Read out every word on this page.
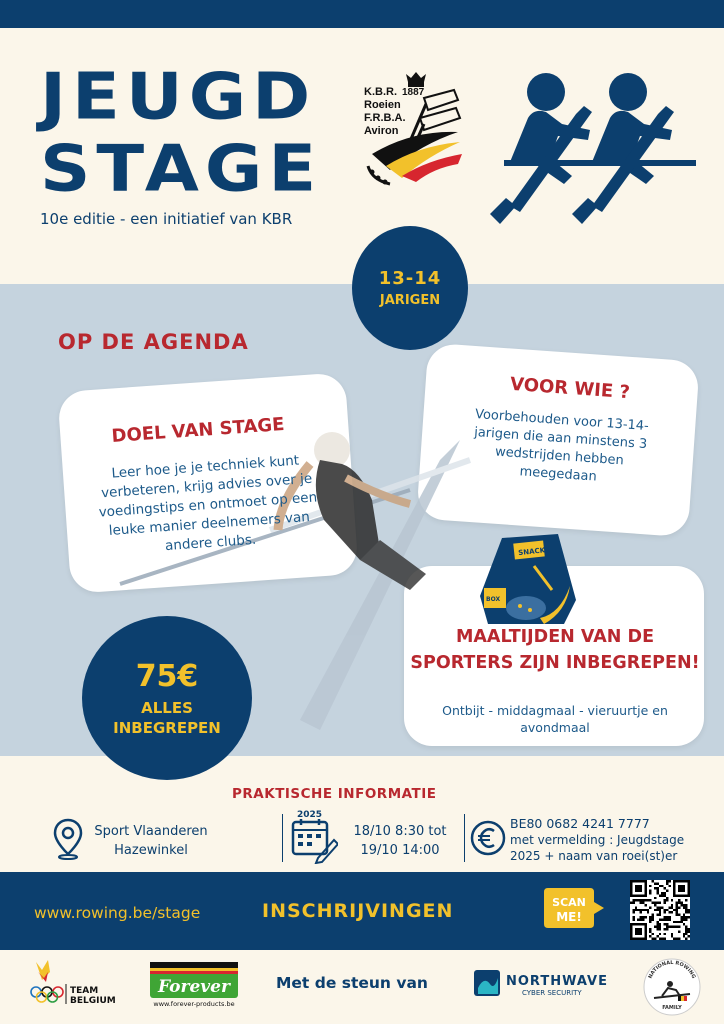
JEUGD
STAGE
10e editie - een initiatief van KBR
K.B.R.
Roeien
F.R.B.A.
Aviron
1887
13-14
JARIGEN
OP DE AGENDA
DOEL VAN STAGE
Leer hoe je je techniek kunt verbeteren, krijg advies over je voedingstips en ontmoet op een leuke manier deelnemers van andere clubs.
VOOR WIE ?
Voorbehouden voor 13-14-jarigen die aan minstens 3 wedstrijden hebben meegedaan
SNACKS
BOX
MAALTIJDEN VAN DE SPORTERS ZIJN INBEGREPEN!
Ontbijt - middagmaal - vieruurtje en avondmaal
75€
ALLES
INBEGREPEN
PRAKTISCHE INFORMATIE
Sport Vlaanderen
Hazewinkel
2025
18/10 8:30 tot
19/10 14:00
BE80 0682 4241 7777
met vermelding : Jeugdstage
2025 + naam van roei(st)er
www.rowing.be/stage	INSCHRIJVINGEN	SCAN
ME!
TEAM
BELGIUM
Forever
www.forever-products.be
Met de steun van	NORTHWAVE
CYBER SECURITY
NATIONAL ROWING
FAMILY
